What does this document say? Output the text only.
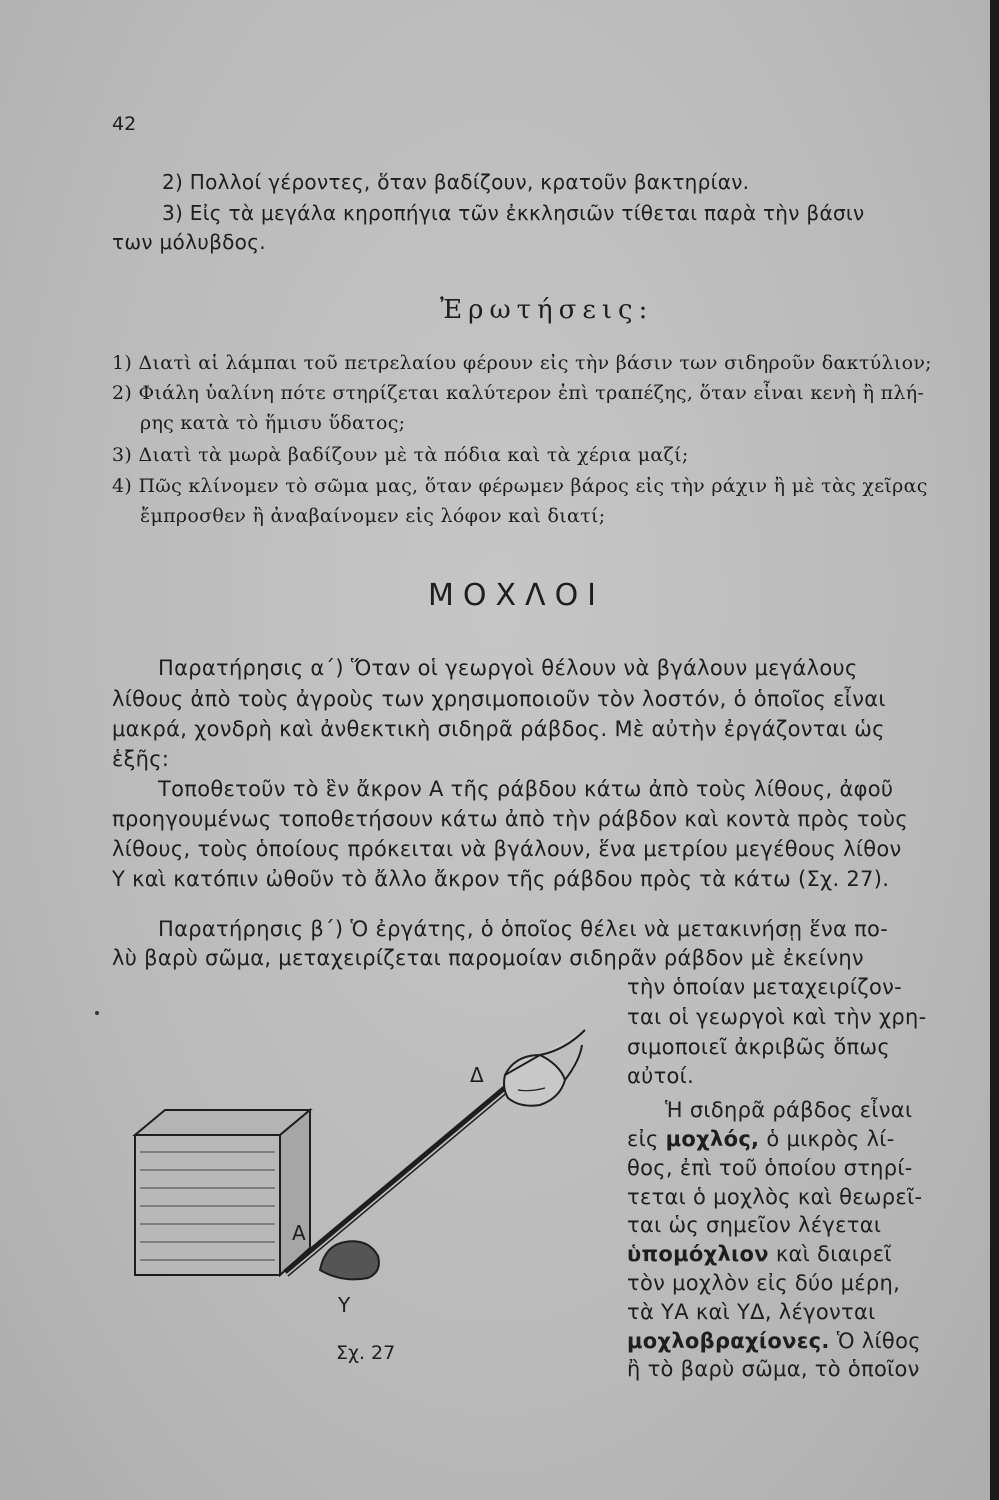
42
2) Πολλοί γέροντες, ὅταν βαδίζουν, κρατοῦν βακτηρίαν.
3) Εἰς τὰ μεγάλα κηροπήγια τῶν ἐκκλησιῶν τίθεται παρὰ τὴν βάσιν
των μόλυβδος.
Ἐρωτήσεις:
1) Διατὶ αἱ λάμπαι τοῦ πετρελαίου φέρουν εἰς τὴν βάσιν των σιδηροῦν δακτύλιον;
2) Φιάλη ὑαλίνη πότε στηρίζεται καλύτερον ἐπὶ τραπέζης, ὅταν εἶναι κενὴ ἢ πλή-
ρης κατὰ τὸ ἥμισυ ὕδατος;
3) Διατὶ τὰ μωρὰ βαδίζουν μὲ τὰ πόδια καὶ τὰ χέρια μαζί;
4) Πῶς κλίνομεν τὸ σῶμα μας, ὅταν φέρωμεν βάρος εἰς τὴν ράχιν ἢ μὲ τὰς χεῖρας
ἔμπροσθεν ἢ ἀναβαίνομεν εἰς λόφον καὶ διατί;
ΜΟΧΛΟΙ
Παρατήρησις α΄) Ὅταν οἱ γεωργοὶ θέλουν νὰ βγάλουν μεγάλους
λίθους ἀπὸ τοὺς ἀγροὺς των χρησιμοποιοῦν τὸν λοστόν, ὁ ὁποῖος εἶναι
μακρά, χονδρὴ καὶ ἀνθεκτικὴ σιδηρᾶ ράβδος. Μὲ αὐτὴν ἐργάζονται ὡς
ἑξῆς:
Τοποθετοῦν τὸ ἓν ἄκρον Α τῆς ράβδου κάτω ἀπὸ τοὺς λίθους, ἀφοῦ
προηγουμένως τοποθετήσουν κάτω ἀπὸ τὴν ράβδον καὶ κοντὰ πρὸς τοὺς
λίθους, τοὺς ὁποίους πρόκειται νὰ βγάλουν, ἕνα μετρίου μεγέθους λίθον
Υ καὶ κατόπιν ὠθοῦν τὸ ἄλλο ἄκρον τῆς ράβδου πρὸς τὰ κάτω (Σχ. 27).
Παρατήρησις β΄) Ὁ ἐργάτης, ὁ ὁποῖος θέλει νὰ μετακινήσῃ ἕνα πο-
λὺ βαρὺ σῶμα, μεταχειρίζεται παρομοίαν σιδηρᾶν ράβδον μὲ ἐκείνην
τὴν ὁποίαν μεταχειρίζον-
ται οἱ γεωργοὶ καὶ τὴν χρη-
σιμοποιεῖ ἀκριβῶς ὅπως
αὐτοί.
Ἡ σιδηρᾶ ράβδος εἶναι
εἰς μοχλός, ὁ μικρὸς λί-
θος, ἐπὶ τοῦ ὁποίου στηρί-
τεται ὁ μοχλὸς καὶ θεωρεῖ-
ται ὡς σημεῖον λέγεται
ὑπομόχλιον καὶ διαιρεῖ
τὸν μοχλὸν εἰς δύο μέρη,
τὰ ΥΑ καὶ ΥΔ, λέγονται
μοχλοβραχίονες. Ὁ λίθος
ἢ τὸ βαρὺ σῶμα, τὸ ὁποῖον
Δ
Α
Υ
Σχ. 27
